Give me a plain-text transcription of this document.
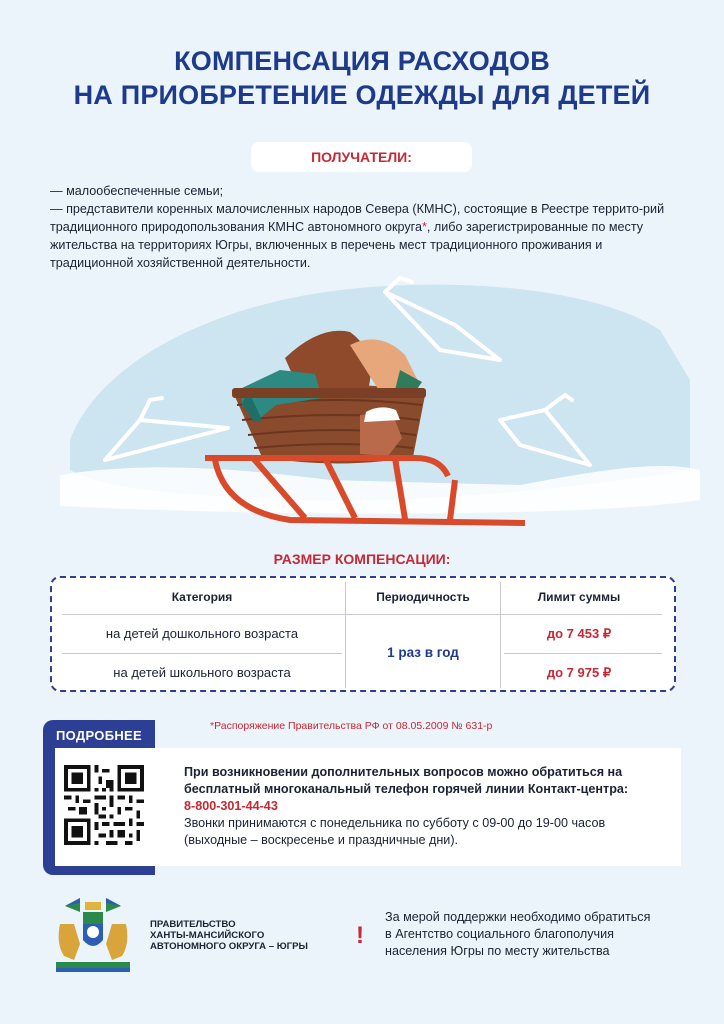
КОМПЕНСАЦИЯ РАСХОДОВ
НА ПРИОБРЕТЕНИЕ ОДЕЖДЫ ДЛЯ ДЕТЕЙ
ПОЛУЧАТЕЛИ:

— малообеспеченные семьи;

— представители коренных малочисленных народов Севера (КМНС), состоящие в Реестре террито-рий традиционного природопользования КМНС автономного округа*, либо зарегистрированные по месту жительства на территориях Югры, включенных в перечень мест традиционного проживания и традиционной хозяйственной деятельности.

РАЗМЕР КОМПЕНСАЦИИ:
Категория	Периодичность	Лимит суммы
на детей дошкольного возраста
на детей школьного возраста
1 раз в год
до 7 453 ₽
до 7 975 ₽
*Распоряжение Правительства РФ от 08.05.2009 № 631-р
ПОДРОБНЕЕ
При возникновении дополнительных вопросов можно обратиться на
бесплатный многоканальный телефон горячей линии Контакт-центра:
8-800-301-44-43
Звонки принимаются с понедельника по субботу с 09-00 до 19-00 часов
(выходные – воскресенье и праздничные дни).
ПРАВИТЕЛЬСТВО
ХАНТЫ-МАНСИЙСКОГО
АВТОНОМНОГО ОКРУГА – ЮГРЫ !
За мерой поддержки необходимо обратиться
в Агентство социального благополучия
населения Югры по месту жительства
